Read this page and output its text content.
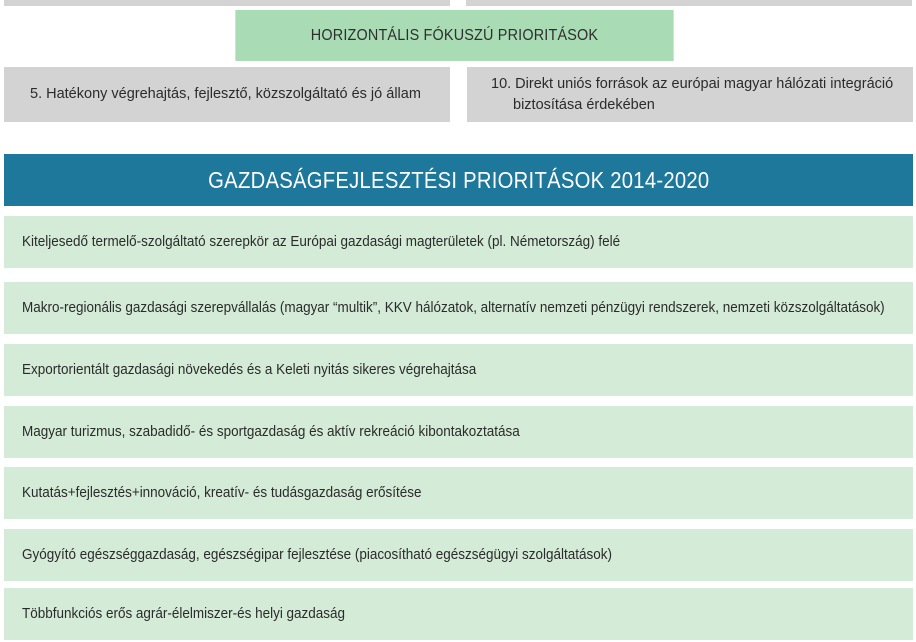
HORIZONTÁLIS FÓKUSZÚ PRIORITÁSOK
5. Hatékony végrehajtás, fejlesztő, közszolgáltató és jó állam
10. Direkt uniós források az európai magyar hálózati integráció biztosítása érdekében
GAZDASÁGFEJLESZTÉSI PRIORITÁSOK 2014-2020
Kiteljesedő termelő-szolgáltató szerepkör az Európai gazdasági magterületek (pl. Németország) felé
Makro-regionális gazdasági szerepvállalás (magyar “multik”, KKV hálózatok, alternatív nemzeti pénzügyi rendszerek, nemzeti közszolgáltatások)
Exportorientált gazdasági növekedés és a Keleti nyitás sikeres végrehajtása
Magyar turizmus, szabadidő- és sportgazdaság és aktív rekreáció kibontakoztatása
Kutatás+fejlesztés+innováció, kreatív- és tudásgazdaság erősítése
Gyógyító egészséggazdaság, egészségipar fejlesztése (piacosítható egészségügyi szolgáltatások)
Többfunkciós erős agrár-élelmiszer-és helyi gazdaság
